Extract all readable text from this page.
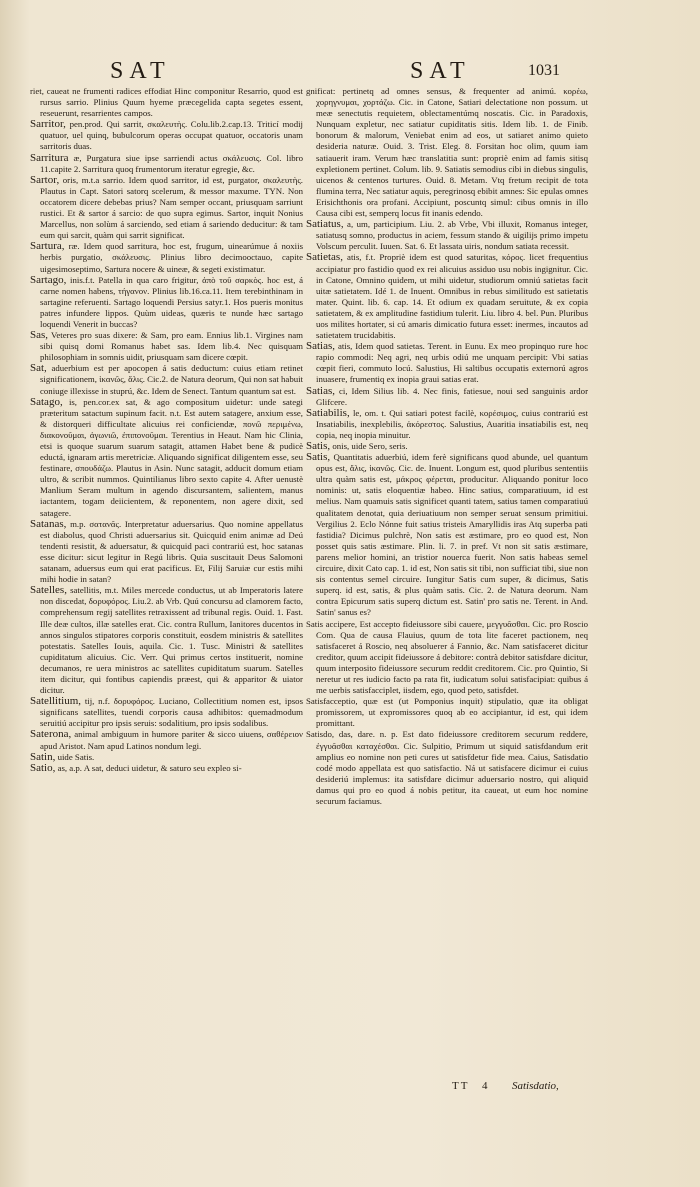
SAT	SAT	1031

riet, caueat ne frumenti radices effodiat Hinc componitur Resarrio, quod est rursus sarrio. Plinius Quum hyeme præcegelida capta segetes essent, reseuerunt, resarrientes campos.

Sarritor, pen.prod. Qui sarrit, σκαλευτὴς. Colu.lib.2.cap.13. Triticí modij quatuor, uel quinq, bubulcorum operas occupat quatuor, occatoris unam sarritoris duas.

Sarritura æ, Purgatura siue ipse sarriendi actus σκάλευσις. Col. libro 11.capite 2. Sarritura quoq frumentorum iteratur egregie, &c.

Sartor, oris, m.t.a sarrio. Idem quod sarritor, id est, purgator, σκαλευτὴς. Plautus in Capt. Satori satorq scelerum, & messor maxume. TYN. Non occatorem dicere debebas prius? Nam semper occant, priusquam sarriunt rustici. Et & sartor á sarcio: de quo supra egimus. Sartor, inquit Nonius Marcellus, non solùm á sarciendo, sed etiam á sariendo deducitur: & tam eum qui sarcit, quàm qui sarrit significat.

Sartura, ræ. Idem quod sarritura, hoc est, frugum, uinearúmue á noxiis herbis purgatio, σκάλευσις. Plinius libro decimooctauo, capite uigesimoseptimo, Sartura nocere & uineæ, & segeti existimatur.

Sartago, inis.f.t. Patella in qua caro frigitur, ἀπὸ τοῦ σαρκὸς. hoc est, á carne nomen habens, τήγανον. Plinius lib.16.ca.11. Item terebinthinam in sartagine referuenti. Sartago loquendi Persius satyr.1. Hos pueris monitus patres infundere lippos. Quùm uideas, quæris te nunde hæc sartago loquendi Venerit in buccas?

Sas, Veteres pro suas dixere: & Sam, pro eam. Ennius lib.1. Virgines nam sibi quisq domi Romanus habet sas. Idem lib.4. Nec quisquam philosophiam in somnis uidit, priusquam sam dicere cœpit.

Sat, aduerbium est per apocopen á satis deductum: cuius etiam retinet significationem, ἱκανῶς, ἅλις. Cic.2. de Natura deorum, Qui non sat habuit coniuge illexisse in stuprú, &c. Idem de Senect. Tantum quantum sat est.

Satago, is, pen.cor.ex sat, & ago compositum uidetur: unde sategi præteritum satactum supinum facit. n.t. Est autem satagere, anxium esse, & distorqueri difficultate alicuius rei conficiendæ, πονῶ περιμένω, διακονοῦμαι, ἀγωνιῶ, ἐπιπονοῦμαι. Terentius in Heaut. Nam hic Clinia, etsi is quoque suarum suarum satagit, attamen Habet bene & pudicè eductá, ignaram artis meretriciæ. Aliquando significat diligentem esse, seu festinare, σπουδάζω. Plautus in Asin. Nunc satagit, adducit domum etiam ultro, & scribit nummos. Quintilianus libro sexto capite 4. After uenustè Manlium Seram multum in agendo discursantem, salientem, manus iactantem, togam deiicientem, & reponentem, non agere dixit, sed satagere.

Satanas, m.p. σατανᾶς. Interpretatur aduersarius. Quo nomine appellatus est diabolus, quod Christi aduersarius sit. Quicquid enim animæ ad Deú tendenti resistit, & aduersatur, & quicquid paci contrariú est, hoc satanas esse dicitur: sicut legitur in Regú libris. Quia suscitauit Deus Salomoni satanam, aduersus eum qui erat pacificus. Et, Filij Saruiæ cur estis mihi mihi hodie in satan?

Satelles, satellitis, m.t. Miles mercede conductus, ut ab Imperatoris latere non discedat, δορυφόρος. Liu.2. ab Vrb. Quú concursu ad clamorem facto, comprehensum regij satellites retraxissent ad tribunal regis. Ouid. 1. Fast. Ille deæ cultos, illæ satelles erat. Cic. contra Rullum, Ianitores ducentos in annos singulos stipatores corporis constituit, eosdem ministris & satellites potestatis. Satelles Iouis, aquila. Cic. 1. Tusc. Ministri & satellites cupiditatum alicuius. Cic. Verr. Qui primus certos instituerit, nomine decumanos, re uera ministros ac satellites cupiditatum suarum. Satelles item dicitur, qui fontibus capiendis præest, qui & apparitor & uiator dicitur.

Satellitium, tij, n.f. δορυφόρος. Luciano, Collectitium nomen est, ipsos significans satellites, tuendi corporis causa adhibitos: quemadmodum seruitiú accipitur pro ipsis seruis: sodalitium, pro ipsis sodalibus.

Saterona, animal ambiguum in humore pariter & sicco uiuens, σαθέρειον apud Aristot. Nam apud Latinos nondum legi.

Satin, uide Satis.

Satio, as, a.p. A sat, deduci uidetur, & saturo seu expleo si-

gnificat: pertinetq ad omnes sensus, & frequenter ad animú. κορέω, χορηγνυμαι, χορτάζω. Cic. in Catone, Satiari delectatione non possum. ut meæ senectutis requietem, oblectamentúmq noscatis. Cic. in Paradoxis, Nunquam expletur, nec satiatur cupiditatis sitis. Idem lib. 1. de Finib. bonorum & malorum, Veniebat enim ad eos, ut satiaret animo quieto desideria naturæ. Ouid. 3. Trist. Eleg. 8. Forsitan hoc olim, quum iam satiauerit iram. Verum hæc translatitia sunt: propriè enim ad famis sitisq expletionem pertinet. Colum. lib. 9. Satiatis semodius cibi in diebus singulis, uicenos & centenos turtures. Ouid. 8. Metam. Vtq fretum recipit de tota flumina terra, Nec satiatur aquis, peregrinosq ebibit amnes: Sic epulas omnes Erisichthonis ora profani. Accipiunt, poscuntq simul: cibus omnis in illo Causa cibi est, semperq locus fit inanis edendo.

Satiatus, a, um, participium. Liu. 2. ab Vrbe, Vbi illuxit, Romanus integer, satiatusq somno, productus in aciem, fessum stando & uigilijs primo impetu Volscum perculit. Iuuen. Sat. 6. Et lassata uiris, nondum satiata recessit.

Satietas, atis, f.t. Propriè idem est quod saturitas, κόρος. licet frequentius accipiatur pro fastidio quod ex rei alicuius assiduo usu nobis ingignitur. Cic. in Catone, Omnino quidem, ut mihi uidetur, studiorum omniú satietas facit uitæ satietatem. Idé 1. de Inuent. Omnibus in rebus similitudo est satietatis mater. Quint. lib. 6. cap. 14. Et odium ex quadam seruitute, & ex copia satietatem, & ex amplitudine fastidium tulerit. Liu. libro 4. bel. Pun. Pluribus uos milites hortater, si cú amaris dimicatio futura esset: inermes, incautos ad satietatem trucidabitis.

Satias, atis, Idem quod satietas. Terent. in Eunu. Ex meo propinquo rure hoc rapio commodi: Neq agri, neq urbis odiú me unquam percipit: Vbi satias cœpit fieri, commuto locú. Salustius, Hi saltibus occupatis externorú agros inuasere, frumentiq ex inopia graui satias erat.

Satias, ci, Idem Silius lib. 4. Nec finis, fatiesue, noui sed sanguinis ardor Glifcere.

Satiabilis, le, om. t. Qui satiari potest facilè, κορέσιμος, cuius contrariú est Insatiabilis, inexplebilis, ἀκόρεστος. Salustius, Auaritia insatiabilis est, neq copia, neq inopia minuitur.

Satis, onis, uide Sero, seris.

Satis, Quantitatis aduerbiú, idem ferè significans quod abunde, uel quantum opus est, ἅλις, ἱκανῶς. Cic. de. Inuent. Longum est, quod pluribus sententiis ultra quàm satis est, μάκρος φέρεται, producitur. Aliquando ponitur loco nominis: ut, satis eloquentiæ habeo. Hinc satius, comparatiuum, id est melius. Nam quamuis satis significet quanti tatem, satius tamen comparatiuú qualitatem denotat, quia deriuatiuum non semper seruat sensum primitiui. Vergilius 2. Eclo Nónne fuit satius tristeis Amaryllidis iras Atq superba pati fastidia? Dicimus pulchrè, Non satis est æstimare, pro eo quod est, Non posset quis satis æstimare. Plin. li. 7. in pref. Vt non sit satis æstimare, parens melior homini, an tristior nouerca fuerit. Non satis habeas semel circuire, dixit Cato cap. 1. id est, Non satis sit tibi, non sufficiat tibi, siue non sis contentus semel circuire. Iungitur Satis cum super, & dicimus, Satis superq. id est, satis, & plus quàm satis. Cic. 2. de Natura deorum. Nam contra Epicurum satis superq dictum est. Satin' pro satis ne. Terent. in And. Satin' sanus es?

Satis accipere, Est accepto fideiussore sibi cauere, μεγγυᾶσθαι. Cic. pro Roscio Com. Qua de causa Flauius, quum de tota lite faceret pactionem, neq satisfaceret á Roscio, neq absoluerer á Fannio, &c. Nam satisfaceret dicitur creditor, quum accipit fideiussore á debitore: contrà debitor satisfdare dicitur, quum interposito fideiussore securum reddit creditorem. Cic. pro Quintio, Si neretur ut res iudicio facto pa rata fit, iudicatum solui satisfacipiat: quibus á me uerbis satisfacciplet, iisdem, ego, quod peto, satisfdet.

Satisfacceptio, quæ est (ut Pomponius inquit) stipulatio, quæ ita obligat promissorem, ut expromissores quoq ab eo accipiantur, id est, qui idem promittant.

Satisdo, das, dare. n. p. Est dato fideiussore creditorem securum reddere, ἐγγυᾶσθαι καταχέσθαι. Cic. Sulpitio, Primum ut siquid satisfdandum erit amplius eo nomine non peti cures ut satisfdetur fide mea. Caius, Satisdatio codé modo appellata est quo satisfactio. Ná ut satisfacere dicimur ei cuius desideriú implemus: ita satisfdare dicimur aduersario nostro, qui aliquid damus qui pro eo quod á nobis petitur, ita caueat, ut eum hoc nomine securum faciamus.

TT 4 Satisdatio,
